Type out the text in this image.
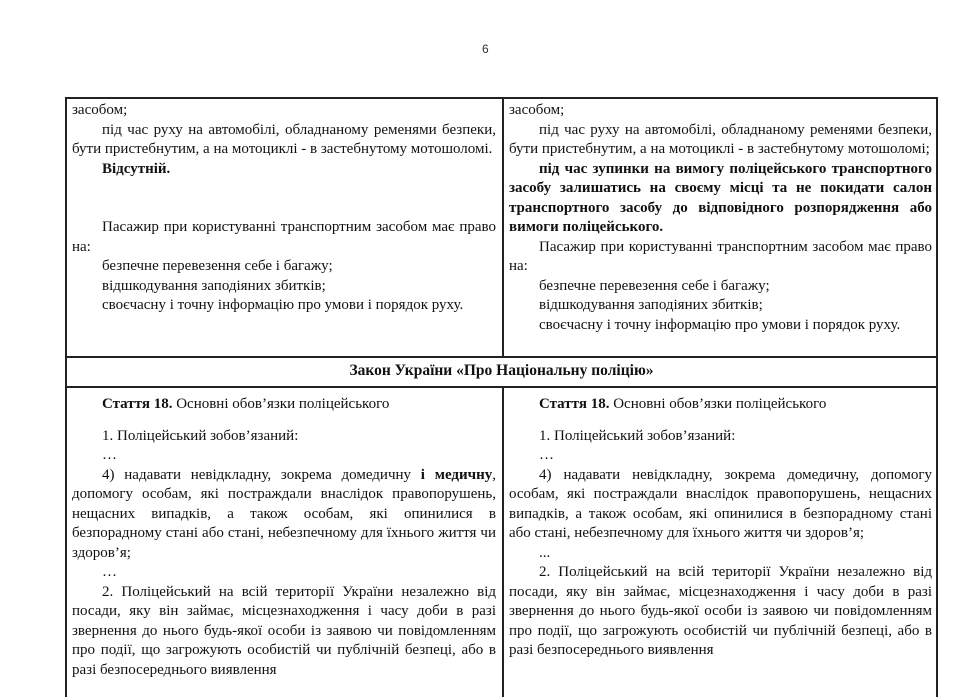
6

засобом;

під час руху на автомобілі, обладнаному ременями безпеки, бути пристебнутим, а на мотоциклі - в застебнутому мотошоломі.

Відсутній.

Пасажир при користуванні транспортним засобом має право на:

безпечне перевезення себе і багажу;

відшкодування заподіяних збитків;

своєчасну і точну інформацію про умови і порядок руху.

засобом;

під час руху на автомобілі, обладнаному ременями безпеки, бути пристебнутим, а на мотоциклі - в застебнутому мотошоломі;

під час зупинки на вимогу поліцейського транспортного засобу залишатись на своєму місці та не покидати салон транспортного засобу до відповідного розпорядження або вимоги поліцейського.

Пасажир при користуванні транспортним засобом має право на:

безпечне перевезення себе і багажу;

відшкодування заподіяних збитків;

своєчасну і точну інформацію про умови і порядок руху.

Закон України «Про Національну поліцію»

Стаття 18. Основні обов’язки поліцейського

1. Поліцейський зобов’язаний:

…

4) надавати невідкладну, зокрема домедичну і медичну, допомогу особам, які постраждали внаслідок правопорушень, нещасних випадків, а також особам, які опинилися в безпорадному стані або стані, небезпечному для їхнього життя чи здоров’я;

…

2. Поліцейський на всій території України незалежно від посади, яку він займає, місцезнаходження і часу доби в разі звернення до нього будь-якої особи із заявою чи повідомленням про події, що загрожують особистій чи публічній безпеці, або в разі безпосереднього виявлення

Стаття 18. Основні обов’язки поліцейського

1. Поліцейський зобов’язаний:

…

4) надавати невідкладну, зокрема домедичну, допомогу особам, які постраждали внаслідок правопорушень, нещасних випадків, а також особам, які опинилися в безпорадному стані або стані, небезпечному для їхнього життя чи здоров’я;

...

2. Поліцейський на всій території України незалежно від посади, яку він займає, місцезнаходження і часу доби в разі звернення до нього будь-якої особи із заявою чи повідомленням про події, що загрожують особистій чи публічній безпеці, або в разі безпосереднього виявлення
